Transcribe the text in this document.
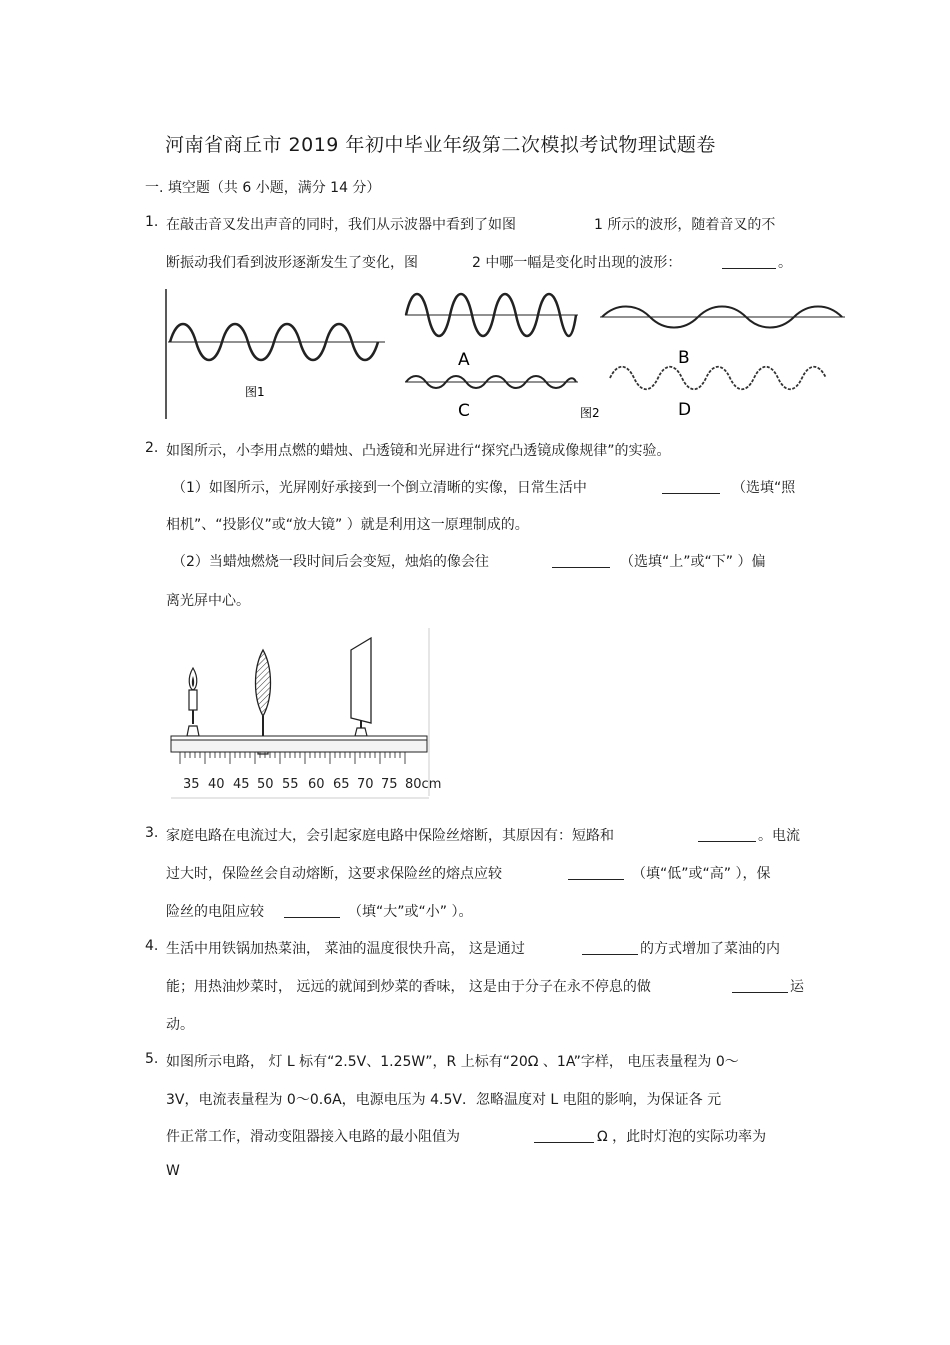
河南省商丘市 2019 年初中毕业年级第二次模拟考试物理试题卷
一. 填空题（共 6 小题，满分 14 分）
1. 在敲击音叉发出声音的同时，我们从示波器中看到了如图	1 所示的波形，随着音叉的不
断振动我们看到波形逐渐发生了变化，图	2 中哪一幅是变化时出现的波形：	。
图1
A	B
C	图2	D
2. 如图所示，小李用点燃的蜡烛、凸透镜和光屏进行“探究凸透镜成像规律”的实验。
（1）如图所示，光屏刚好承接到一个倒立清晰的实像，日常生活中	（选填“照
相机”、“投影仪”或“放大镜” ）就是利用这一原理制成的。
（2）当蜡烛燃烧一段时间后会变短，烛焰的像会往	（选填“上”或“下” ）偏
离光屏中心。
35 40 45 50 55 60 65 70 75 80cm
3. 家庭电路在电流过大，会引起家庭电路中保险丝熔断，其原因有：短路和	。电流
过大时，保险丝会自动熔断，这要求保险丝的熔点应较	（填“低”或“高” ），保
险丝的电阻应较	（填“大”或“小” ）。
4. 生活中用铁锅加热菜油， 菜油的温度很快升高， 这是通过	的方式增加了菜油的内
能；用热油炒菜时， 远远的就闻到炒菜的香味， 这是由于分子在永不停息的做	运
动。
5. 如图所示电路， 灯 L 标有“2.5V、1.25W”，R 上标有“20Ω 、1A”字样， 电压表量程为 0～
3V，电流表量程为 0～0.6A，电源电压为 4.5V．忽略温度对 L 电阻的影响，为保证各 元
件正常工作，滑动变阻器接入电路的最小阻值为	Ω ，此时灯泡的实际功率为
W
